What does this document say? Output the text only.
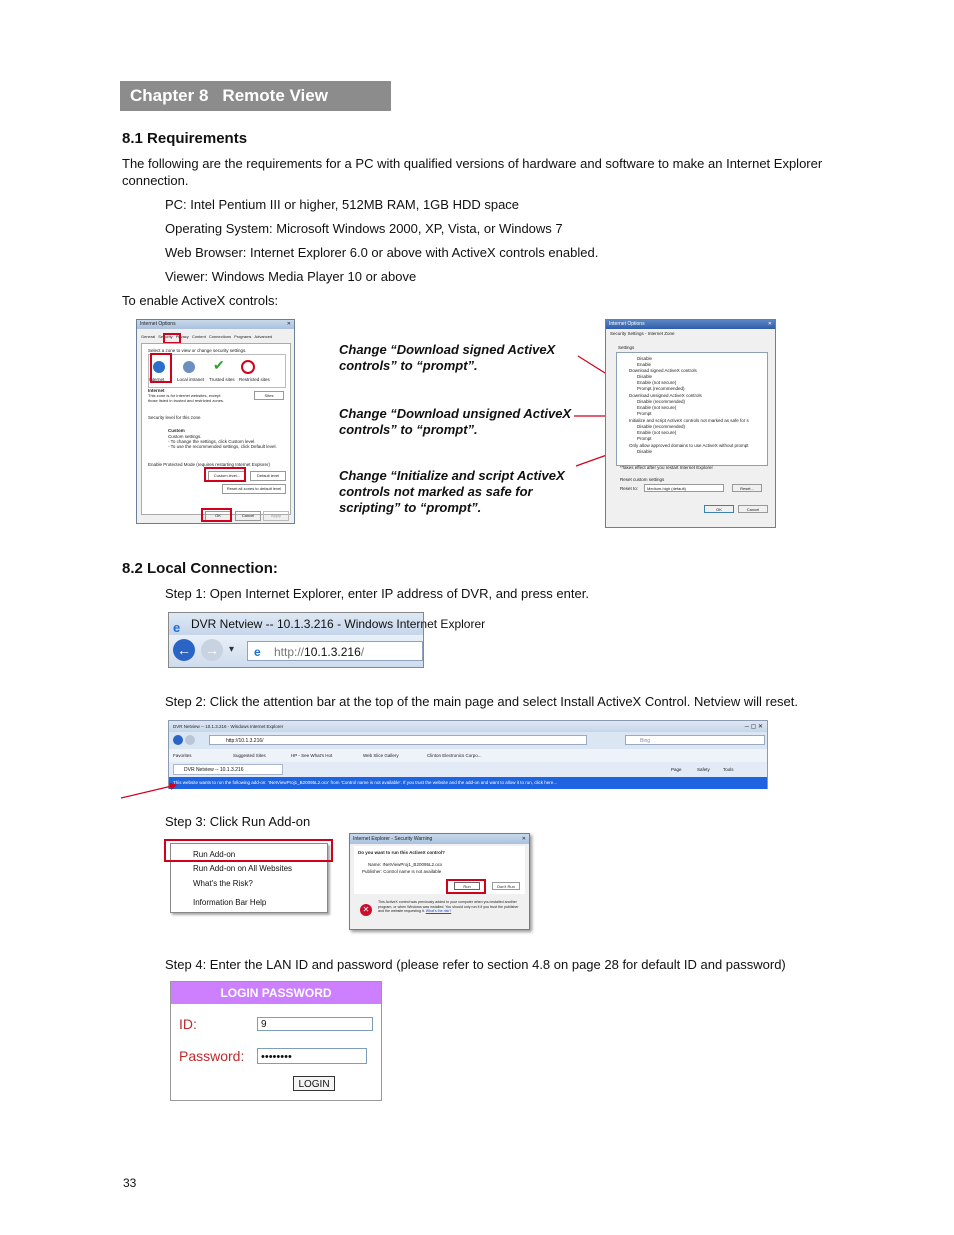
Chapter 8 Remote View
8.1 Requirements
The following are the requirements for a PC with qualified versions of hardware and software to make an Internet Explorer connection.
PC: Intel Pentium III or higher, 512MB RAM, 1GB HDD space
Operating System: Microsoft Windows 2000, XP, Vista, or Windows 7
Web Browser: Internet Explorer 6.0 or above with ActiveX controls enabled.
Viewer: Windows Media Player 10 or above
To enable ActiveX controls:
Internet Options	✕
General Security Privacy Content Connections Programs Advanced
Select a zone to view or change security settings.
✔
Internet	Local intranet Trusted sites Restricted sites
Internet
This zone is for Internet websites, except those listed in trusted and restricted zones.
Sites
Security level for this zone
Custom
Custom settings.
- To change the settings, click Custom level.
- To use the recommended settings, click Default level.
Enable Protected Mode (requires restarting Internet Explorer)
Custom level...	Default level
Reset all zones to default level
OK	Cancel	Apply
Change “Download signed ActiveX controls” to “prompt”.
Change “Download unsigned ActiveX controls” to “prompt”.
Change “Initialize and script ActiveX controls not marked as safe for scripting” to “prompt”.
Internet Options	✕
Security Settings - Internet Zone
Settings
Disable
Enable
Download signed ActiveX controls
Disable
Enable (not secure)
Prompt (recommended)
Download unsigned ActiveX controls
Disable (recommended)
Enable (not secure)
Prompt
Initialize and script ActiveX controls not marked as safe for s
Disable (recommended)
Enable (not secure)
Prompt
Only allow approved domains to use ActiveX without prompt
Disable
*Takes effect after you restart Internet Explorer
Reset custom settings
Reset to:	Medium-high (default)	Reset...
OK	Cancel
8.2 Local Connection:
Step 1: Open Internet Explorer, enter IP address of DVR, and press enter.
e DVR Netview -- 10.1.3.216 - Windows Internet Explorer
← →	▾ e http://10.1.3.216/
Step 2: Click the attention bar at the top of the main page and select Install ActiveX Control. Netview will reset.
DVR Netview -- 10.1.3.216 - Windows Internet Explorer	─ ▢ ✕
http://10.1.3.216/	Bing
Favorites	Suggested Sites	HP - See What's Hot	Web Slice Gallery	Clinton Electronics Corpo...
DVR Netview -- 10.1.3.216	Page	Safety	Tools
This website wants to run the following add-on: 'INetViewProj1_B20095L2.ocx' from 'Control name is not available'. If you trust the website and the add-on and want to allow it to run, click here...
Step 3: Click Run Add-on
Run Add-on
Run Add-on on All Websites
What's the Risk?
Information Bar Help
Internet Explorer - Security Warning	✕
Do you want to run this ActiveX control?
Name: INetViewProj1_B20095L2.ocx
Publisher: Control name is not available
Run	Don't Run
✕
This ActiveX control was previously added to your computer when you installed another program, or when Windows was installed. You should only run it if you trust the publisher and the website requesting it. What's the risk?
Step 4: Enter the LAN ID and password (please refer to section 4.8 on page 28 for default ID and password)
LOGIN PASSWORD
ID:	9
Password:	••••••••
LOGIN
33
